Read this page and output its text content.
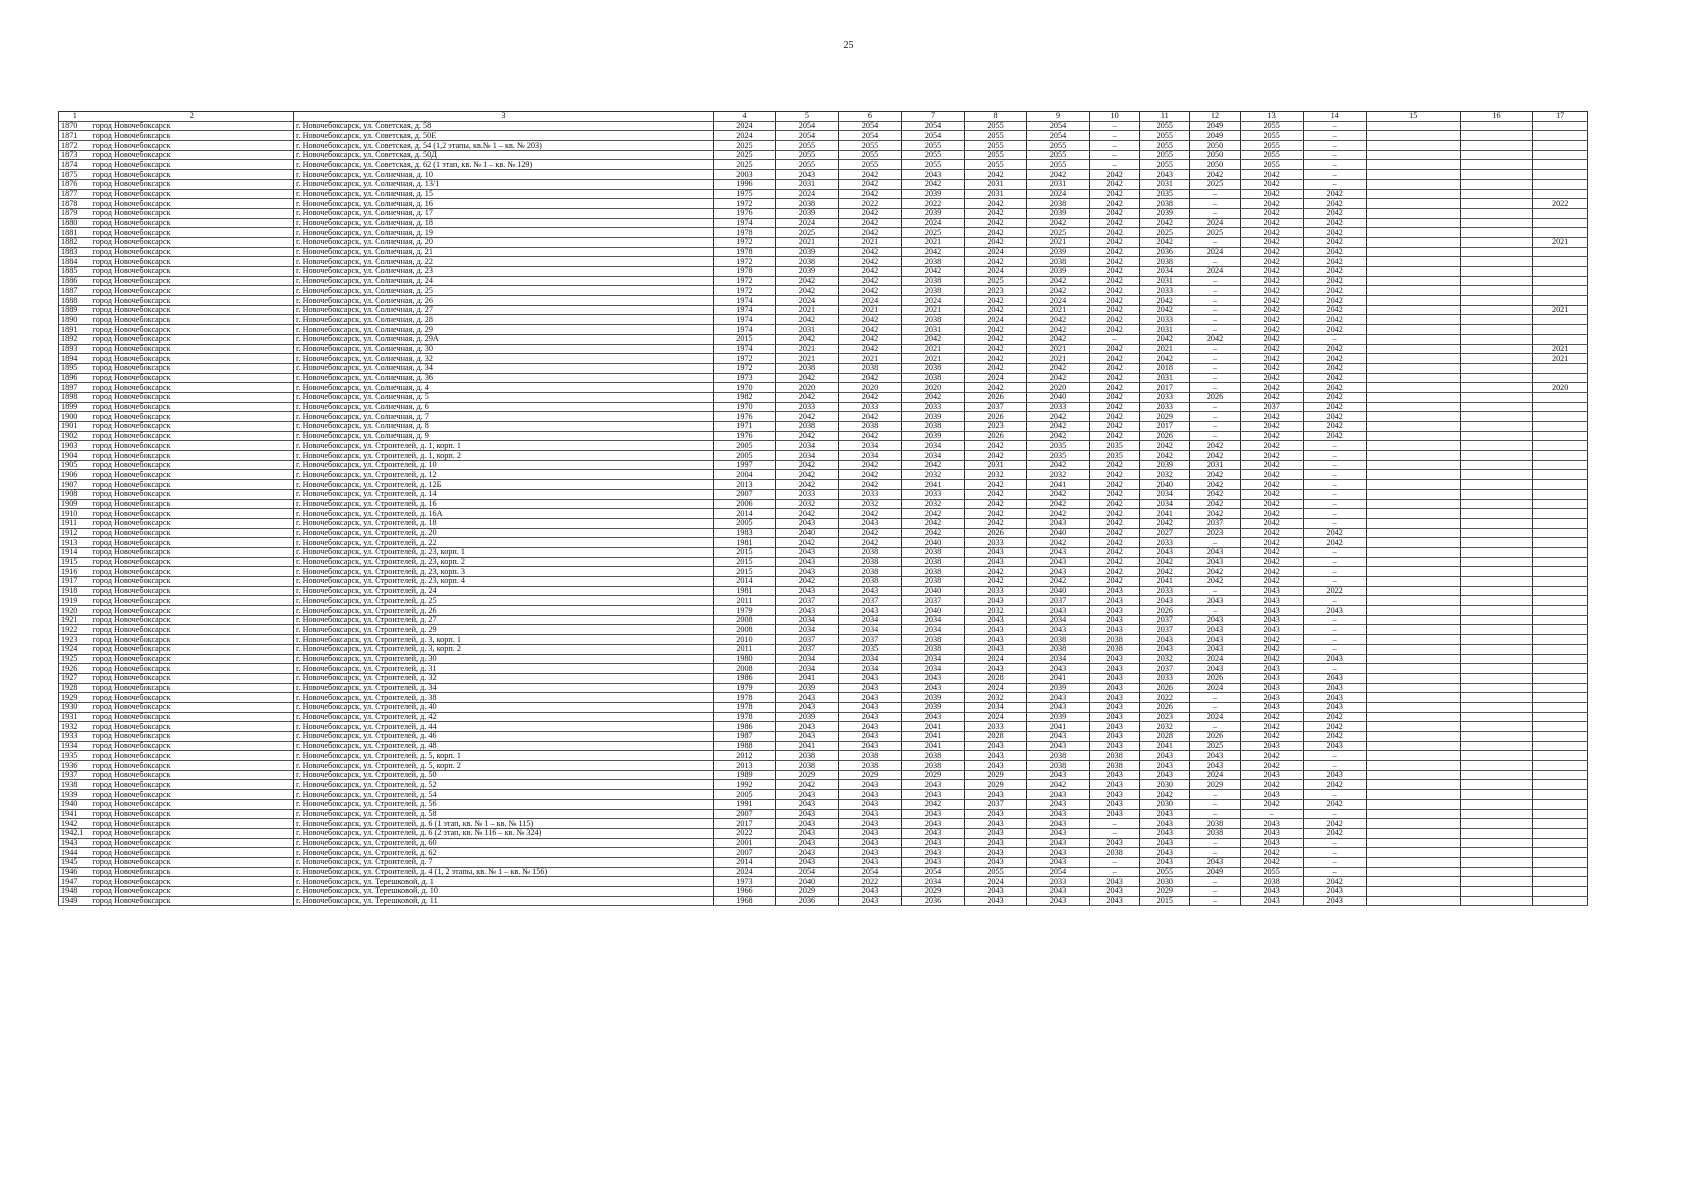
25
1	2	3	4	5	6	7	8	9	10	11	12	13	14	15	16	17
1870	город Новочебоксарск	г. Новочебоксарск, ул. Советская, д. 58	2024	2054	2054	2054	2055	2054	–	2055	2049	2055	–			
1871	город Новочебоксарск	г. Новочебоксарск, ул. Советская, д. 50Е	2024	2054	2054	2054	2055	2054	–	2055	2049	2055	–			
1872	город Новочебоксарск	г. Новочебоксарск, ул. Советская, д. 54 (1,2 этапы, кв.№ 1 – кв. № 203)	2025	2055	2055	2055	2055	2055	–	2055	2050	2055	–			
1873	город Новочебоксарск	г. Новочебоксарск, ул. Советская, д. 50Д	2025	2055	2055	2055	2055	2055	–	2055	2050	2055	–			
1874	город Новочебоксарск	г. Новочебоксарск, ул. Советская, д. 62 (1 этап, кв. № 1 – кв. № 129)	2025	2055	2055	2055	2055	2055	–	2055	2050	2055	–			
1875	город Новочебоксарск	г. Новочебоксарск, ул. Солнечная, д. 10	2003	2043	2042	2043	2042	2042	2042	2043	2042	2042	–			
1876	город Новочебоксарск	г. Новочебоксарск, ул. Солнечная, д. 13/1	1996	2031	2042	2042	2031	2031	2042	2031	2025	2042	–			
1877	город Новочебоксарск	г. Новочебоксарск, ул. Солнечная, д. 15	1975	2024	2042	2039	2031	2024	2042	2035	–	2042	2042			
1878	город Новочебоксарск	г. Новочебоксарск, ул. Солнечная, д. 16	1972	2038	2022	2022	2042	2038	2042	2038	–	2042	2042			2022
1879	город Новочебоксарск	г. Новочебоксарск, ул. Солнечная, д. 17	1976	2039	2042	2039	2042	2039	2042	2039	–	2042	2042			
1880	город Новочебоксарск	г. Новочебоксарск, ул. Солнечная, д. 18	1974	2024	2042	2024	2042	2042	2042	2042	2024	2042	2042			
1881	город Новочебоксарск	г. Новочебоксарск, ул. Солнечная, д. 19	1978	2025	2042	2025	2042	2025	2042	2025	2025	2042	2042			
1882	город Новочебоксарск	г. Новочебоксарск, ул. Солнечная, д. 20	1972	2021	2021	2021	2042	2021	2042	2042	–	2042	2042			2021
1883	город Новочебоксарск	г. Новочебоксарск, ул. Солнечная, д. 21	1978	2039	2042	2042	2024	2039	2042	2036	2024	2042	2042			
1884	город Новочебоксарск	г. Новочебоксарск, ул. Солнечная, д. 22	1972	2038	2042	2038	2042	2038	2042	2038	–	2042	2042			
1885	город Новочебоксарск	г. Новочебоксарск, ул. Солнечная, д. 23	1978	2039	2042	2042	2024	2039	2042	2034	2024	2042	2042			
1886	город Новочебоксарск	г. Новочебоксарск, ул. Солнечная, д. 24	1972	2042	2042	2038	2025	2042	2042	2031	–	2042	2042			
1887	город Новочебоксарск	г. Новочебоксарск, ул. Солнечная, д. 25	1972	2042	2042	2038	2023	2042	2042	2033	–	2042	2042			
1888	город Новочебоксарск	г. Новочебоксарск, ул. Солнечная, д. 26	1974	2024	2024	2024	2042	2024	2042	2042	–	2042	2042			
1889	город Новочебоксарск	г. Новочебоксарск, ул. Солнечная, д. 27	1974	2021	2021	2021	2042	2021	2042	2042	–	2042	2042			2021
1890	город Новочебоксарск	г. Новочебоксарск, ул. Солнечная, д. 28	1974	2042	2042	2038	2024	2042	2042	2033	–	2042	2042			
1891	город Новочебоксарск	г. Новочебоксарск, ул. Солнечная, д. 29	1974	2031	2042	2031	2042	2042	2042	2031	–	2042	2042			
1892	город Новочебоксарск	г. Новочебоксарск, ул. Солнечная, д. 29А	2015	2042	2042	2042	2042	2042	–	2042	2042	2042	–			
1893	город Новочебоксарск	г. Новочебоксарск, ул. Солнечная, д. 30	1974	2021	2042	2021	2042	2021	2042	2021	–	2042	2042			2021
1894	город Новочебоксарск	г. Новочебоксарск, ул. Солнечная, д. 32	1972	2021	2021	2021	2042	2021	2042	2042	–	2042	2042			2021
1895	город Новочебоксарск	г. Новочебоксарск, ул. Солнечная, д. 34	1972	2038	2038	2038	2042	2042	2042	2018	–	2042	2042			
1896	город Новочебоксарск	г. Новочебоксарск, ул. Солнечная, д. 36	1973	2042	2042	2038	2024	2042	2042	2031	–	2042	2042			
1897	город Новочебоксарск	г. Новочебоксарск, ул. Солнечная, д. 4	1970	2020	2020	2020	2042	2020	2042	2017	–	2042	2042			2020
1898	город Новочебоксарск	г. Новочебоксарск, ул. Солнечная, д. 5	1982	2042	2042	2042	2026	2040	2042	2033	2026	2042	2042			
1899	город Новочебоксарск	г. Новочебоксарск, ул. Солнечная, д. 6	1970	2033	2033	2033	2037	2033	2042	2033	–	2037	2042			
1900	город Новочебоксарск	г. Новочебоксарск, ул. Солнечная, д. 7	1976	2042	2042	2039	2026	2042	2042	2029	–	2042	2042			
1901	город Новочебоксарск	г. Новочебоксарск, ул. Солнечная, д. 8	1971	2038	2038	2038	2023	2042	2042	2017	–	2042	2042			
1902	город Новочебоксарск	г. Новочебоксарск, ул. Солнечная, д. 9	1976	2042	2042	2039	2026	2042	2042	2026	–	2042	2042			
1903	город Новочебоксарск	г. Новочебоксарск, ул. Строителей, д. 1, корп. 1	2005	2034	2034	2034	2042	2035	2035	2042	2042	2042	–			
1904	город Новочебоксарск	г. Новочебоксарск, ул. Строителей, д. 1, корп. 2	2005	2034	2034	2034	2042	2035	2035	2042	2042	2042	–			
1905	город Новочебоксарск	г. Новочебоксарск, ул. Строителей, д. 10	1997	2042	2042	2042	2031	2042	2042	2039	2031	2042	–			
1906	город Новочебоксарск	г. Новочебоксарск, ул. Строителей, д. 12	2004	2042	2042	2032	2032	2032	2042	2032	2042	2042	–			
1907	город Новочебоксарск	г. Новочебоксарск, ул. Строителей, д. 12Б	2013	2042	2042	2041	2042	2041	2042	2040	2042	2042	–			
1908	город Новочебоксарск	г. Новочебоксарск, ул. Строителей, д. 14	2007	2033	2033	2033	2042	2042	2042	2034	2042	2042	–			
1909	город Новочебоксарск	г. Новочебоксарск, ул. Строителей, д. 16	2006	2032	2032	2032	2042	2042	2042	2034	2042	2042	–			
1910	город Новочебоксарск	г. Новочебоксарск, ул. Строителей, д. 16А	2014	2042	2042	2042	2042	2042	2042	2041	2042	2042	–			
1911	город Новочебоксарск	г. Новочебоксарск, ул. Строителей, д. 18	2005	2043	2043	2042	2042	2043	2042	2042	2037	2042	–			
1912	город Новочебоксарск	г. Новочебоксарск, ул. Строителей, д. 20	1983	2040	2042	2042	2026	2040	2042	2027	2023	2042	2042			
1913	город Новочебоксарск	г. Новочебоксарск, ул. Строителей, д. 22	1981	2042	2042	2040	2033	2042	2042	2033	–	2042	2042			
1914	город Новочебоксарск	г. Новочебоксарск, ул. Строителей, д. 23, корп. 1	2015	2043	2038	2038	2043	2043	2042	2043	2043	2042	–			
1915	город Новочебоксарск	г. Новочебоксарск, ул. Строителей, д. 23, корп. 2	2015	2043	2038	2038	2043	2043	2042	2042	2043	2042	–			
1916	город Новочебоксарск	г. Новочебоксарск, ул. Строителей, д. 23, корп. 3	2015	2043	2038	2038	2042	2043	2042	2042	2042	2042	–			
1917	город Новочебоксарск	г. Новочебоксарск, ул. Строителей, д. 23, корп. 4	2014	2042	2038	2038	2042	2042	2042	2041	2042	2042	–			
1918	город Новочебоксарск	г. Новочебоксарск, ул. Строителей, д. 24	1981	2043	2043	2040	2033	2040	2043	2033	–	2043	2022			
1919	город Новочебоксарск	г. Новочебоксарск, ул. Строителей, д. 25	2011	2037	2037	2037	2043	2037	2043	2043	2043	2043	–			
1920	город Новочебоксарск	г. Новочебоксарск, ул. Строителей, д. 26	1979	2043	2043	2040	2032	2043	2043	2026	–	2043	2043			
1921	город Новочебоксарск	г. Новочебоксарск, ул. Строителей, д. 27	2008	2034	2034	2034	2043	2034	2043	2037	2043	2043	–			
1922	город Новочебоксарск	г. Новочебоксарск, ул. Строителей, д. 29	2008	2034	2034	2034	2043	2043	2043	2037	2043	2043	–			
1923	город Новочебоксарск	г. Новочебоксарск, ул. Строителей, д. 3, корп. 1	2010	2037	2037	2038	2043	2038	2038	2043	2043	2042	–			
1924	город Новочебоксарск	г. Новочебоксарск, ул. Строителей, д. 3, корп. 2	2011	2037	2035	2038	2043	2038	2038	2043	2043	2042	–			
1925	город Новочебоксарск	г. Новочебоксарск, ул. Строителей, д. 30	1980	2034	2034	2034	2024	2034	2043	2032	2024	2042	2043			
1926	город Новочебоксарск	г. Новочебоксарск, ул. Строителей, д. 31	2008	2034	2034	2034	2043	2043	2043	2037	2043	2043	–			
1927	город Новочебоксарск	г. Новочебоксарск, ул. Строителей, д. 32	1986	2041	2043	2043	2028	2041	2043	2033	2026	2043	2043			
1928	город Новочебоксарск	г. Новочебоксарск, ул. Строителей, д. 34	1979	2039	2043	2043	2024	2039	2043	2026	2024	2043	2043			
1929	город Новочебоксарск	г. Новочебоксарск, ул. Строителей, д. 38	1978	2043	2043	2039	2032	2043	2043	2022	–	2043	2043			
1930	город Новочебоксарск	г. Новочебоксарск, ул. Строителей, д. 40	1978	2043	2043	2039	2034	2043	2043	2026	–	2043	2043			
1931	город Новочебоксарск	г. Новочебоксарск, ул. Строителей, д. 42	1978	2039	2043	2043	2024	2039	2043	2023	2024	2042	2042			
1932	город Новочебоксарск	г. Новочебоксарск, ул. Строителей, д. 44	1986	2043	2043	2041	2033	2041	2043	2032	–	2042	2042			
1933	город Новочебоксарск	г. Новочебоксарск, ул. Строителей, д. 46	1987	2043	2043	2041	2028	2043	2043	2028	2026	2042	2042			
1934	город Новочебоксарск	г. Новочебоксарск, ул. Строителей, д. 48	1988	2041	2043	2041	2043	2043	2043	2041	2025	2043	2043			
1935	город Новочебоксарск	г. Новочебоксарск, ул. Строителей, д. 5, корп. 1	2012	2038	2038	2038	2043	2038	2038	2043	2043	2042	–			
1936	город Новочебоксарск	г. Новочебоксарск, ул. Строителей, д. 5, корп. 2	2013	2038	2038	2038	2043	2038	2038	2043	2043	2042	–			
1937	город Новочебоксарск	г. Новочебоксарск, ул. Строителей, д. 50	1989	2029	2029	2029	2029	2043	2043	2043	2024	2043	2043			
1938	город Новочебоксарск	г. Новочебоксарск, ул. Строителей, д. 52	1992	2042	2043	2043	2029	2042	2043	2030	2029	2042	2042			
1939	город Новочебоксарск	г. Новочебоксарск, ул. Строителей, д. 54	2005	2043	2043	2043	2043	2043	2043	2042	–	2043	–			
1940	город Новочебоксарск	г. Новочебоксарск, ул. Строителей, д. 56	1991	2043	2043	2042	2037	2043	2043	2030	–	2042	2042			
1941	город Новочебоксарск	г. Новочебоксарск, ул. Строителей, д. 58	2007	2043	2043	2043	2043	2043	2043	2043	–	–	–			
1942	город Новочебоксарск	г. Новочебоксарск, ул. Строителей, д. 6 (1 этап, кв. № 1 – кв. № 115)	2017	2043	2043	2043	2043	2043	–	2043	2038	2043	2042			
1942.1	город Новочебоксарск	г. Новочебоксарск, ул. Строителей, д. 6 (2 этап, кв. № 116 – кв. № 324)	2022	2043	2043	2043	2043	2043	–	2043	2038	2043	2042			
1943	город Новочебоксарск	г. Новочебоксарск, ул. Строителей, д. 60	2001	2043	2043	2043	2043	2043	2043	2043	–	2043	–			
1944	город Новочебоксарск	г. Новочебоксарск, ул. Строителей, д. 62	2007	2043	2043	2043	2043	2043	2038	2043	–	2042	–			
1945	город Новочебоксарск	г. Новочебоксарск, ул. Строителей, д. 7	2014	2043	2043	2043	2043	2043	–	2043	2043	2042	–			
1946	город Новочебоксарск	г. Новочебоксарск, ул. Строителей, д. 4 (1, 2 этапы, кв. № 1 – кв. № 156)	2024	2054	2054	2054	2055	2054	–	2055	2049	2055	–			
1947	город Новочебоксарск	г. Новочебоксарск, ул. Терешковой, д. 1	1973	2040	2022	2034	2024	2033	2043	2030	–	2038	2042			
1948	город Новочебоксарск	г. Новочебоксарск, ул. Терешковой, д. 10	1966	2029	2043	2029	2043	2043	2043	2029	–	2043	2043			
1949	город Новочебоксарск	г. Новочебоксарск, ул. Терешковой, д. 11	1968	2036	2043	2036	2043	2043	2043	2015	–	2043	2043			
